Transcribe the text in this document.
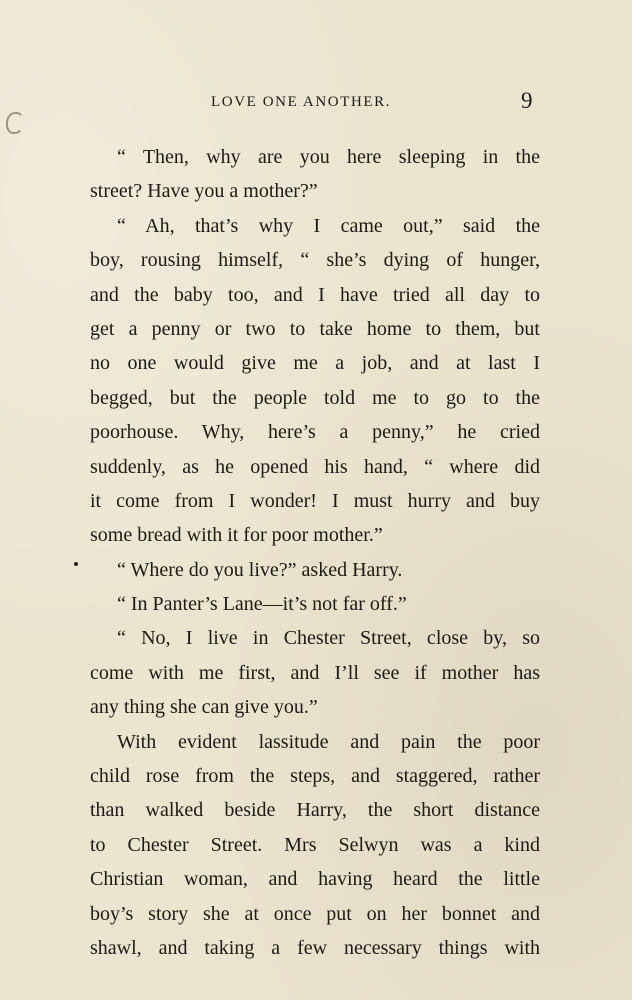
LOVE ONE ANOTHER.	9
“ Then, why are you here sleeping in the
street? Have you a mother?”
“ Ah, that’s why I came out,” said the
boy, rousing himself, “ she’s dying of hunger,
and the baby too, and I have tried all day to
get a penny or two to take home to them, but
no one would give me a job, and at last I
begged, but the people told me to go to the
poorhouse. Why, here’s a penny,” he cried
suddenly, as he opened his hand, “ where did
it come from I wonder! I must hurry and buy
some bread with it for poor mother.”
“ Where do you live?” asked Harry.
“ In Panter’s Lane—it’s not far off.”
“ No, I live in Chester Street, close by, so
come with me first, and I’ll see if mother has
any thing she can give you.”
With evident lassitude and pain the poor
child rose from the steps, and staggered, rather
than walked beside Harry, the short distance
to Chester Street. Mrs Selwyn was a kind
Christian woman, and having heard the little
boy’s story she at once put on her bonnet and
shawl, and taking a few necessary things with
